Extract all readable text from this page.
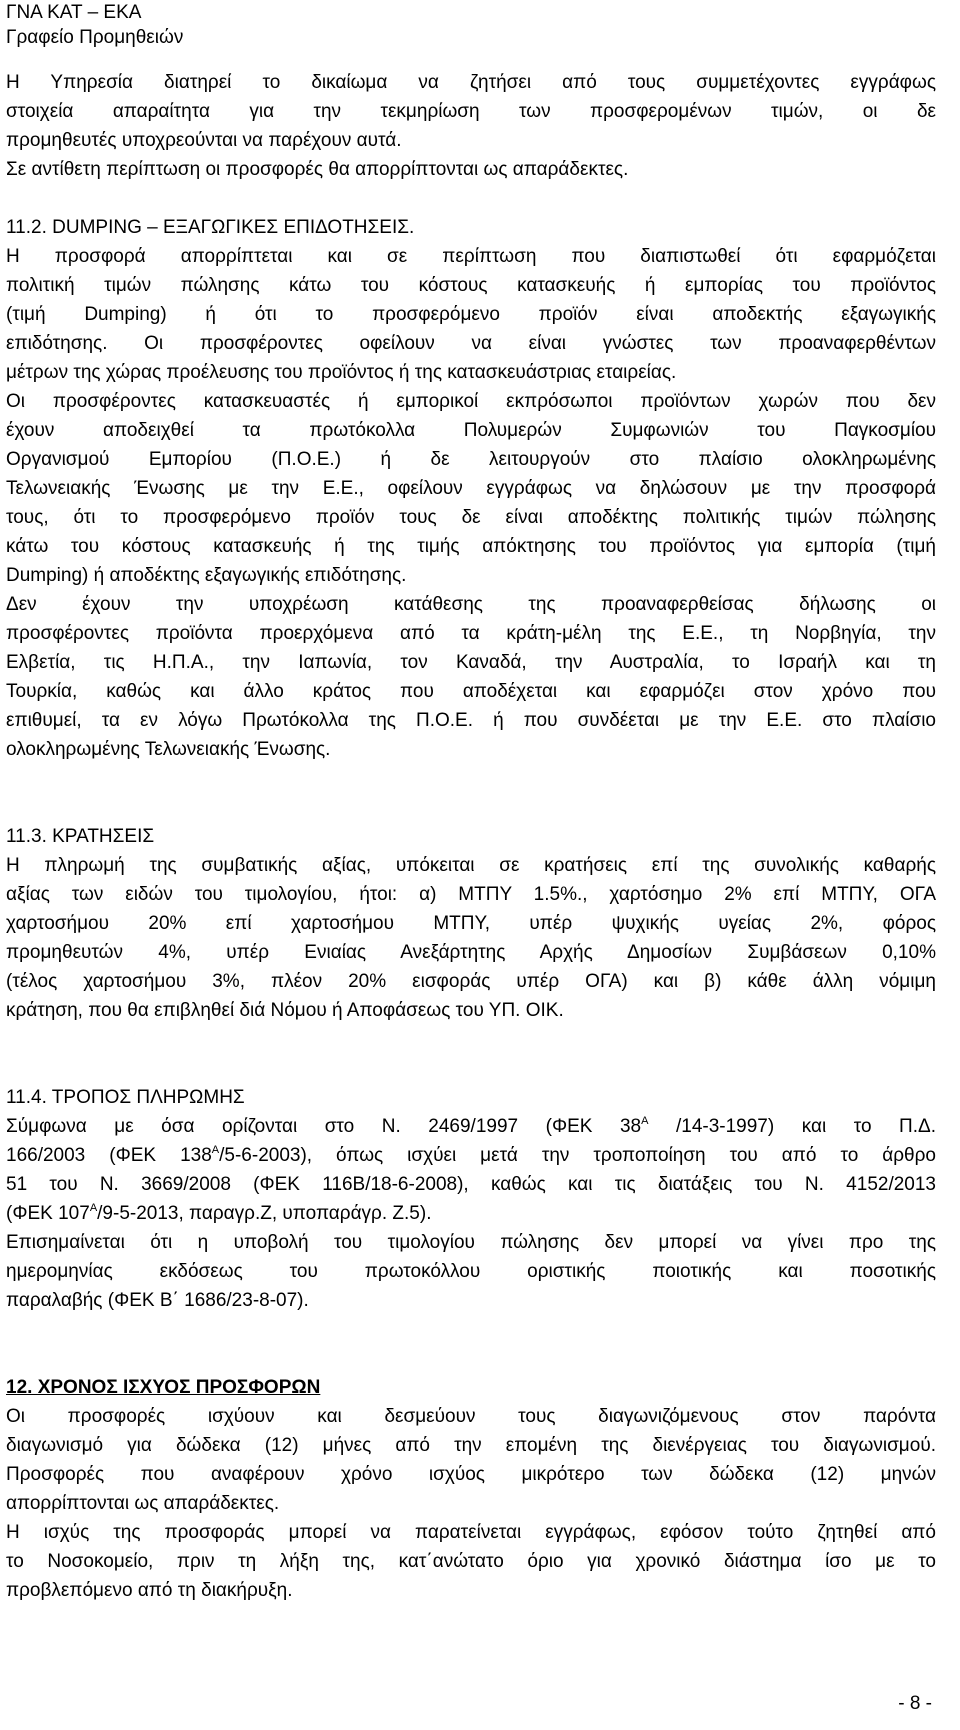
ΓΝΑ ΚΑΤ – ΕΚΑ
Γραφείο Προμηθειών

Η Υπηρεσία διατηρεί το δικαίωμα να ζητήσει από τους συμμετέχοντες εγγράφως

στοιχεία απαραίτητα για την τεκμηρίωση των προσφερομένων τιμών, οι δε

προμηθευτές υποχρεούνται να παρέχουν αυτά.

Σε αντίθετη περίπτωση οι προσφορές θα απορρίπτονται ως απαράδεκτες.

11.2. DUMPING – ΕΞΑΓΩΓΙΚΕΣ ΕΠΙΔΟΤΗΣΕΙΣ.

Η προσφορά απορρίπτεται και σε περίπτωση που διαπιστωθεί ότι εφαρμόζεται

πολιτική τιμών πώλησης κάτω του κόστους κατασκευής ή εμπορίας του προϊόντος

(τιμή Dumping) ή ότι το προσφερόμενο προϊόν είναι αποδεκτής εξαγωγικής

επιδότησης. Οι προσφέροντες οφείλουν να είναι γνώστες των προαναφερθέντων

μέτρων της χώρας προέλευσης του προϊόντος ή της κατασκευάστριας εταιρείας.

Οι προσφέροντες κατασκευαστές ή εμπορικοί εκπρόσωποι προϊόντων χωρών που δεν

έχουν αποδειχθεί τα πρωτόκολλα Πολυμερών Συμφωνιών του Παγκοσμίου

Οργανισμού Εμπορίου (Π.Ο.Ε.) ή δε λειτουργούν στο πλαίσιο ολοκληρωμένης

Τελωνειακής Ένωσης με την Ε.Ε., οφείλουν εγγράφως να δηλώσουν με την προσφορά

τους, ότι το προσφερόμενο προϊόν τους δε είναι αποδέκτης πολιτικής τιμών πώλησης

κάτω του κόστους κατασκευής ή της τιμής απόκτησης του προϊόντος για εμπορία (τιμή

Dumping) ή αποδέκτης εξαγωγικής επιδότησης.

Δεν έχουν την υποχρέωση κατάθεσης της προαναφερθείσας δήλωσης οι

προσφέροντες προϊόντα προερχόμενα από τα κράτη-μέλη της Ε.Ε., τη Νορβηγία, την

Ελβετία, τις Η.Π.Α., την Ιαπωνία, τον Καναδά, την Αυστραλία, το Ισραήλ και τη

Τουρκία, καθώς και άλλο κράτος που αποδέχεται και εφαρμόζει στον χρόνο που

επιθυμεί, τα εν λόγω Πρωτόκολλα της Π.Ο.Ε. ή που συνδέεται με την Ε.Ε. στο πλαίσιο

ολοκληρωμένης Τελωνειακής Ένωσης.

11.3. ΚΡΑΤΗΣΕΙΣ

Η πληρωμή της συμβατικής αξίας, υπόκειται σε κρατήσεις επί της συνολικής καθαρής

αξίας των ειδών του τιμολογίου, ήτοι: α) ΜΤΠΥ 1.5%., χαρτόσημο 2% επί ΜΤΠΥ, ΟΓΑ

χαρτοσήμου 20% επί χαρτοσήμου ΜΤΠΥ, υπέρ ψυχικής υγείας 2%, φόρος

προμηθευτών 4%, υπέρ Ενιαίας Ανεξάρτητης Αρχής Δημοσίων Συμβάσεων 0,10%

(τέλος χαρτοσήμου 3%, πλέον 20% εισφοράς υπέρ ΟΓΑ) και β) κάθε άλλη νόμιμη

κράτηση, που θα επιβληθεί διά Νόμου ή Αποφάσεως του ΥΠ. ΟΙΚ.

11.4. ΤΡΟΠΟΣ ΠΛΗΡΩΜΗΣ

Σύμφωνα με όσα ορίζονται στο Ν. 2469/1997 (ΦΕΚ $38^A$ /14-3-1997) και το Π.Δ.

166/2003 (ΦΕΚ $138^A/5-6-2003$), όπως ισχύει μετά την τροποποίηση του από το άρθρο

51 του Ν. 3669/2008 (ΦΕΚ 116Β/18-6-2008), καθώς και τις διατάξεις του Ν. 4152/2013

(ΦΕΚ $107^A/9-5-2013$, παραγρ.Ζ, υποπαράγρ. Ζ.5).

Επισημαίνεται ότι η υποβολή του τιμολογίου πώλησης δεν μπορεί να γίνει προ της

ημερομηνίας εκδόσεως του πρωτοκόλλου οριστικής ποιοτικής και ποσοτικής

παραλαβής (ΦΕΚ Β΄ 1686/23-8-07).

12. ΧΡΟΝΟΣ ΙΣΧΥΟΣ ΠΡΟΣΦΟΡΩΝ

Οι προσφορές ισχύουν και δεσμεύουν τους διαγωνιζόμενους στον παρόντα

διαγωνισμό για δώδεκα (12) μήνες από την επομένη της διενέργειας του διαγωνισμού.

Προσφορές που αναφέρουν χρόνο ισχύος μικρότερο των δώδεκα (12) μηνών

απορρίπτονται ως απαράδεκτες.

Η ισχύς της προσφοράς μπορεί να παρατείνεται εγγράφως, εφόσον τούτο ζητηθεί από

το Νοσοκομείο, πριν τη λήξη της, κατ΄ανώτατο όριο για χρονικό διάστημα ίσο με το

προβλεπόμενο από τη διακήρυξη.

- 8 -
